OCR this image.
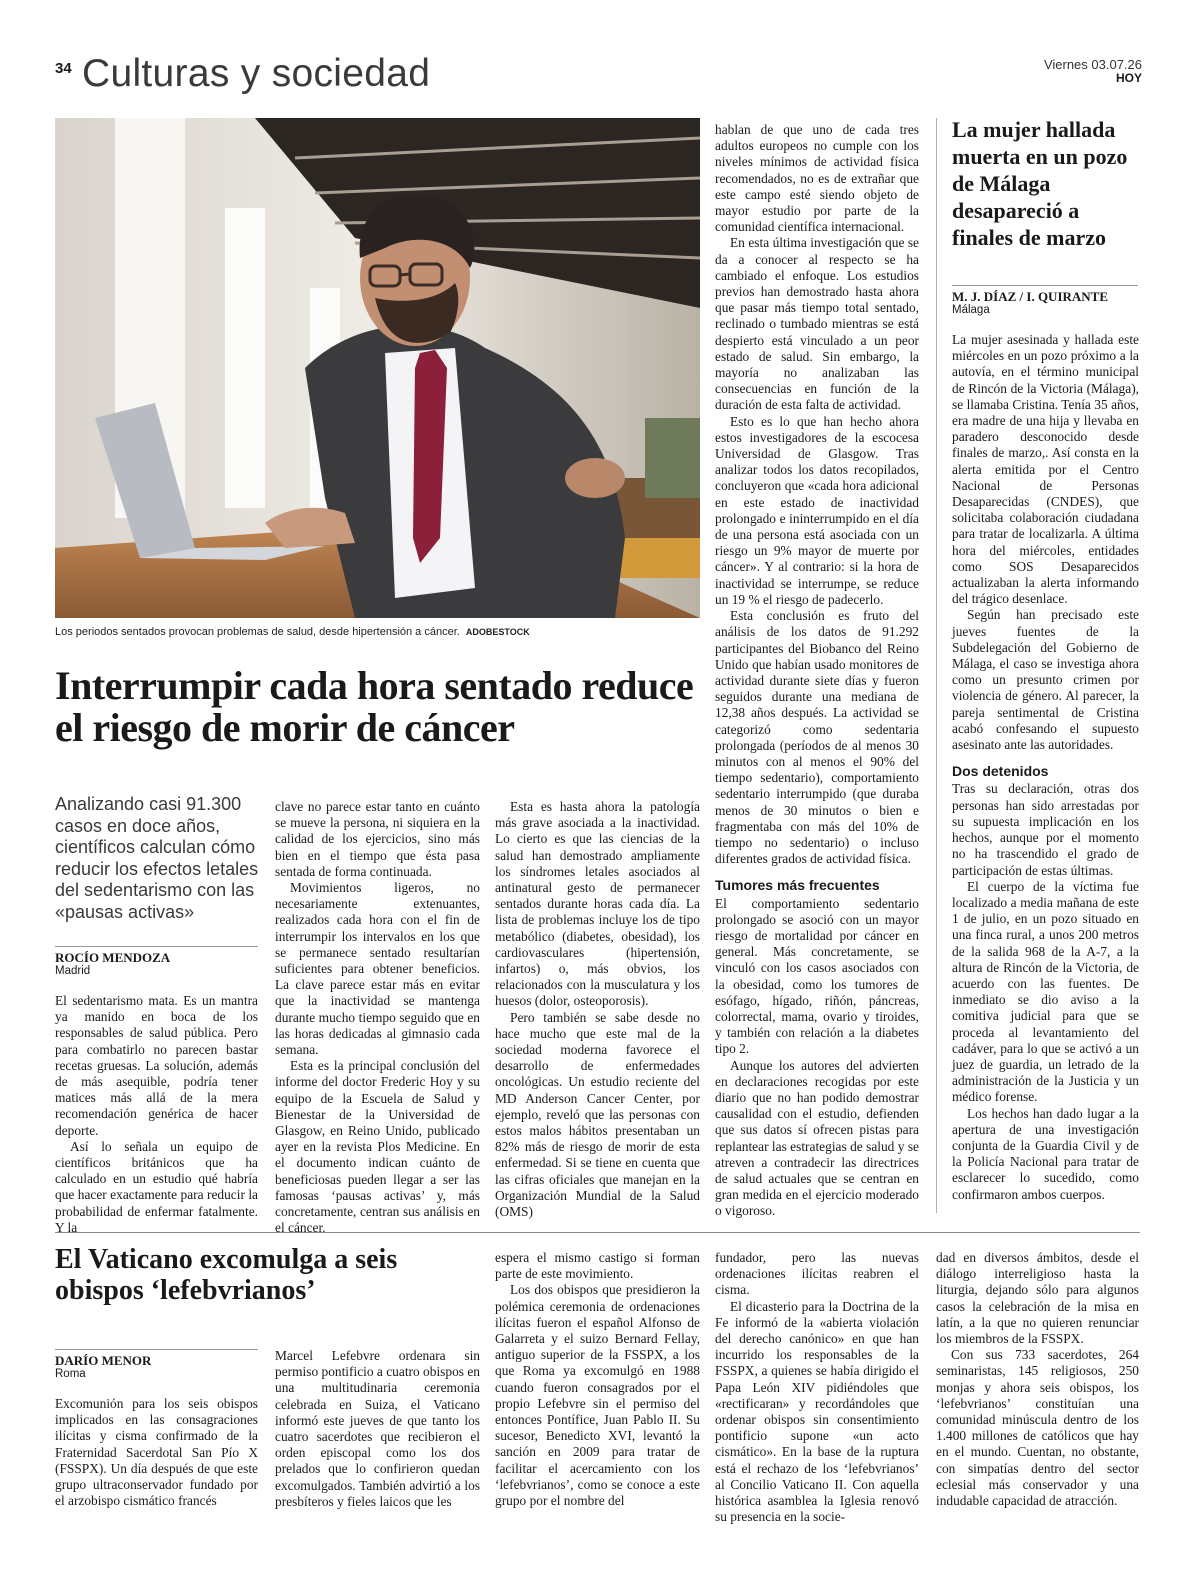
34 Culturas y sociedad	Viernes 03.07.26
HOY
Los periodos sentados provocan problemas de salud, desde hipertensión a cáncer. ADOBESTOCK
Interrumpir cada hora sentado reduce el riesgo de morir de cáncer
Analizando casi 91.300 casos en doce años, científicos calculan cómo reducir los efectos letales del sedentarismo con las «pausas activas»
ROCÍO MENDOZA
Madrid

El sedentarismo mata. Es un mantra ya manido en boca de los responsables de salud pública. Pero para combatirlo no parecen bastar recetas gruesas. La solución, además de más asequible, podría tener matices más allá de la mera recomendación genérica de hacer deporte.

Así lo señala un equipo de científicos británicos que ha calculado en un estudio qué habría que hacer exactamente para reducir la probabilidad de enfermar fatalmente. Y la

clave no parece estar tanto en cuánto se mueve la persona, ni siquiera en la calidad de los ejercicios, sino más bien en el tiempo que ésta pasa sentada de forma continuada.

Movimientos ligeros, no necesariamente extenuantes, realizados cada hora con el fin de interrumpir los intervalos en los que se permanece sentado resultarían suficientes para obtener beneficios. La clave parece estar más en evitar que la inactividad se mantenga durante mucho tiempo seguido que en las horas dedicadas al gimnasio cada semana.

Esta es la principal conclusión del informe del doctor Frederic Hoy y su equipo de la Escuela de Salud y Bienestar de la Universidad de Glasgow, en Reino Unido, publicado ayer en la revista Plos Medicine. En el documento indican cuánto de beneficiosas pueden llegar a ser las famosas ‘pausas activas’ y, más concretamente, centran sus análisis en el cáncer.

Esta es hasta ahora la patología más grave asociada a la inactividad. Lo cierto es que las ciencias de la salud han demostrado ampliamente los síndromes letales asociados al antinatural gesto de permanecer sentados durante horas cada día. La lista de problemas incluye los de tipo metabólico (diabetes, obesidad), los cardiovasculares (hipertensión, infartos) o, más obvios, los relacionados con la musculatura y los huesos (dolor, osteoporosis).

Pero también se sabe desde no hace mucho que este mal de la sociedad moderna favorece el desarrollo de enfermedades oncológicas. Un estudio reciente del MD Anderson Cancer Center, por ejemplo, reveló que las personas con estos malos hábitos presentaban un 82% más de riesgo de morir de esta enfermedad. Si se tiene en cuenta que las cifras oficiales que manejan en la Organización Mundial de la Salud (OMS)

hablan de que uno de cada tres adultos europeos no cumple con los niveles mínimos de actividad física recomendados, no es de extrañar que este campo esté siendo objeto de mayor estudio por parte de la comunidad científica internacional.

En esta última investigación que se da a conocer al respecto se ha cambiado el enfoque. Los estudios previos han demostrado hasta ahora que pasar más tiempo total sentado, reclinado o tumbado mientras se está despierto está vinculado a un peor estado de salud. Sin embargo, la mayoría no analizaban las consecuencias en función de la duración de esta falta de actividad.

Esto es lo que han hecho ahora estos investigadores de la escocesa Universidad de Glasgow. Tras analizar todos los datos recopilados, concluyeron que «cada hora adicional en este estado de inactividad prolongado e ininterrumpido en el día de una persona está asociada con un riesgo un 9% mayor de muerte por cáncer». Y al contrario: si la hora de inactividad se interrumpe, se reduce un 19 % el riesgo de padecerlo.

Esta conclusión es fruto del análisis de los datos de 91.292 participantes del Biobanco del Reino Unido que habían usado monitores de actividad durante siete días y fueron seguidos durante una mediana de 12,38 años después. La actividad se categorizó como sedentaria prolongada (períodos de al menos 30 minutos con al menos el 90% del tiempo sedentario), comportamiento sedentario interrumpido (que duraba menos de 30 minutos o bien e fragmentaba con más del 10% de tiempo no sedentario) o incluso diferentes grados de actividad física.

Tumores más frecuentes

El comportamiento sedentario prolongado se asoció con un mayor riesgo de mortalidad por cáncer en general. Más concretamente, se vinculó con los casos asociados con la obesidad, como los tumores de esófago, hígado, riñón, páncreas, colorrectal, mama, ovario y tiroides, y también con relación a la diabetes tipo 2.

Aunque los autores del advierten en declaraciones recogidas por este diario que no han podido demostrar causalidad con el estudio, defienden que sus datos sí ofrecen pistas para replantear las estrategias de salud y se atreven a contradecir las directrices de salud actuales que se centran en gran medida en el ejercicio moderado o vigoroso.

La mujer hallada muerta en un pozo de Málaga desapareció a finales de marzo
M. J. DÍAZ / I. QUIRANTE
Málaga

La mujer asesinada y hallada este miércoles en un pozo próximo a la autovía, en el término municipal de Rincón de la Victoria (Málaga), se llamaba Cristina. Tenía 35 años, era madre de una hija y llevaba en paradero desconocido desde finales de marzo,. Así consta en la alerta emitida por el Centro Nacional de Personas Desaparecidas (CNDES), que solicitaba colaboración ciudadana para tratar de localizarla. A última hora del miércoles, entidades como SOS Desaparecidos actualizaban la alerta informando del trágico desenlace.

Según han precisado este jueves fuentes de la Subdelegación del Gobierno de Málaga, el caso se investiga ahora como un presunto crimen por violencia de género. Al parecer, la pareja sentimental de Cristina acabó confesando el supuesto asesinato ante las autoridades.

Dos detenidos

Tras su declaración, otras dos personas han sido arrestadas por su supuesta implicación en los hechos, aunque por el momento no ha trascendido el grado de participación de estas últimas.

El cuerpo de la víctima fue localizado a media mañana de este 1 de julio, en un pozo situado en una finca rural, a unos 200 metros de la salida 968 de la A-7, a la altura de Rincón de la Victoria, de acuerdo con las fuentes. De inmediato se dio aviso a la comitiva judicial para que se proceda al levantamiento del cadáver, para lo que se activó a un juez de guardia, un letrado de la administración de la Justicia y un médico forense.

Los hechos han dado lugar a la apertura de una investigación conjunta de la Guardia Civil y de la Policía Nacional para tratar de esclarecer lo sucedido, como confirmaron ambos cuerpos.

El Vaticano excomulga a seis obispos ‘lefebvrianos’
DARÍO MENOR
Roma

Excomunión para los seis obispos implicados en las consagraciones ilícitas y cisma confirmado de la Fraternidad Sacerdotal San Pío X (FSSPX). Un día después de que este grupo ultraconservador fundado por el arzobispo cismático francés

Marcel Lefebvre ordenara sin permiso pontificio a cuatro obispos en una multitudinaria ceremonia celebrada en Suiza, el Vaticano informó este jueves de que tanto los cuatro sacerdotes que recibieron el orden episcopal como los dos prelados que lo confirieron quedan excomulgados. También advirtió a los presbíteros y fieles laicos que les

espera el mismo castigo si forman parte de este movimiento.

Los dos obispos que presidieron la polémica ceremonia de ordenaciones ilícitas fueron el español Alfonso de Galarreta y el suizo Bernard Fellay, antiguo superior de la FSSPX, a los que Roma ya excomulgó en 1988 cuando fueron consagrados por el propio Lefebvre sin el permiso del entonces Pontífice, Juan Pablo II. Su sucesor, Benedicto XVI, levantó la sanción en 2009 para tratar de facilitar el acercamiento con los ‘lefebvrianos’, como se conoce a este grupo por el nombre del

fundador, pero las nuevas ordenaciones ilícitas reabren el cisma.

El dicasterio para la Doctrina de la Fe informó de la «abierta violación del derecho canónico» en que han incurrido los responsables de la FSSPX, a quienes se había dirigido el Papa León XIV pidiéndoles que «rectificaran» y recordándoles que ordenar obispos sin consentimiento pontificio supone «un acto cismático». En la base de la ruptura está el rechazo de los ‘lefebvrianos’ al Concilio Vaticano II. Con aquella histórica asamblea la Iglesia renovó su presencia en la socie-

dad en diversos ámbitos, desde el diálogo interreligioso hasta la liturgia, dejando sólo para algunos casos la celebración de la misa en latín, a la que no quieren renunciar los miembros de la FSSPX.

Con sus 733 sacerdotes, 264 seminaristas, 145 religiosos, 250 monjas y ahora seis obispos, los ‘lefebvrianos’ constituían una comunidad minúscula dentro de los 1.400 millones de católicos que hay en el mundo. Cuentan, no obstante, con simpatías dentro del sector eclesial más conservador y una indudable capacidad de atracción.
